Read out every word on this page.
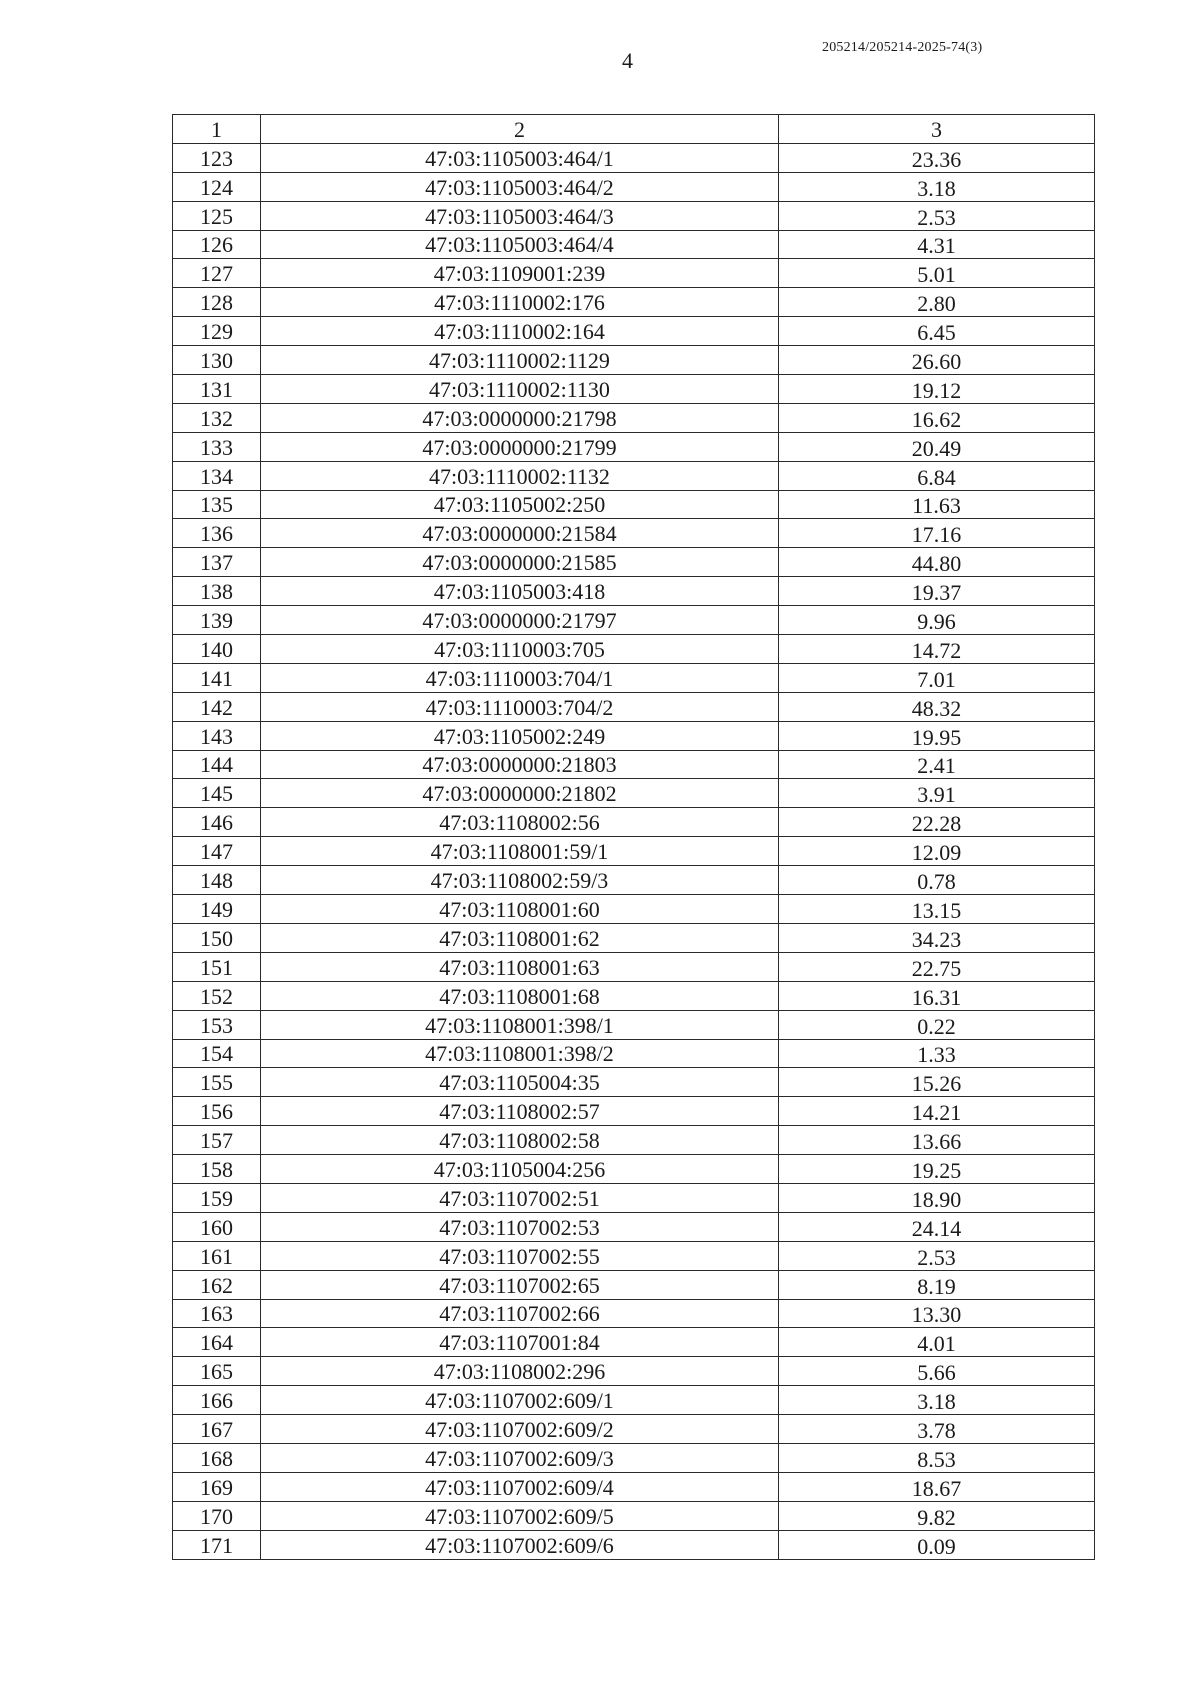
4
205214/205214-2025-74(3)
1	2	3
123	47:03:1105003:464/1	23.36
124	47:03:1105003:464/2	3.18
125	47:03:1105003:464/3	2.53
126	47:03:1105003:464/4	4.31
127	47:03:1109001:239	5.01
128	47:03:1110002:176	2.80
129	47:03:1110002:164	6.45
130	47:03:1110002:1129	26.60
131	47:03:1110002:1130	19.12
132	47:03:0000000:21798	16.62
133	47:03:0000000:21799	20.49
134	47:03:1110002:1132	6.84
135	47:03:1105002:250	11.63
136	47:03:0000000:21584	17.16
137	47:03:0000000:21585	44.80
138	47:03:1105003:418	19.37
139	47:03:0000000:21797	9.96
140	47:03:1110003:705	14.72
141	47:03:1110003:704/1	7.01
142	47:03:1110003:704/2	48.32
143	47:03:1105002:249	19.95
144	47:03:0000000:21803	2.41
145	47:03:0000000:21802	3.91
146	47:03:1108002:56	22.28
147	47:03:1108001:59/1	12.09
148	47:03:1108002:59/3	0.78
149	47:03:1108001:60	13.15
150	47:03:1108001:62	34.23
151	47:03:1108001:63	22.75
152	47:03:1108001:68	16.31
153	47:03:1108001:398/1	0.22
154	47:03:1108001:398/2	1.33
155	47:03:1105004:35	15.26
156	47:03:1108002:57	14.21
157	47:03:1108002:58	13.66
158	47:03:1105004:256	19.25
159	47:03:1107002:51	18.90
160	47:03:1107002:53	24.14
161	47:03:1107002:55	2.53
162	47:03:1107002:65	8.19
163	47:03:1107002:66	13.30
164	47:03:1107001:84	4.01
165	47:03:1108002:296	5.66
166	47:03:1107002:609/1	3.18
167	47:03:1107002:609/2	3.78
168	47:03:1107002:609/3	8.53
169	47:03:1107002:609/4	18.67
170	47:03:1107002:609/5	9.82
171	47:03:1107002:609/6	0.09
